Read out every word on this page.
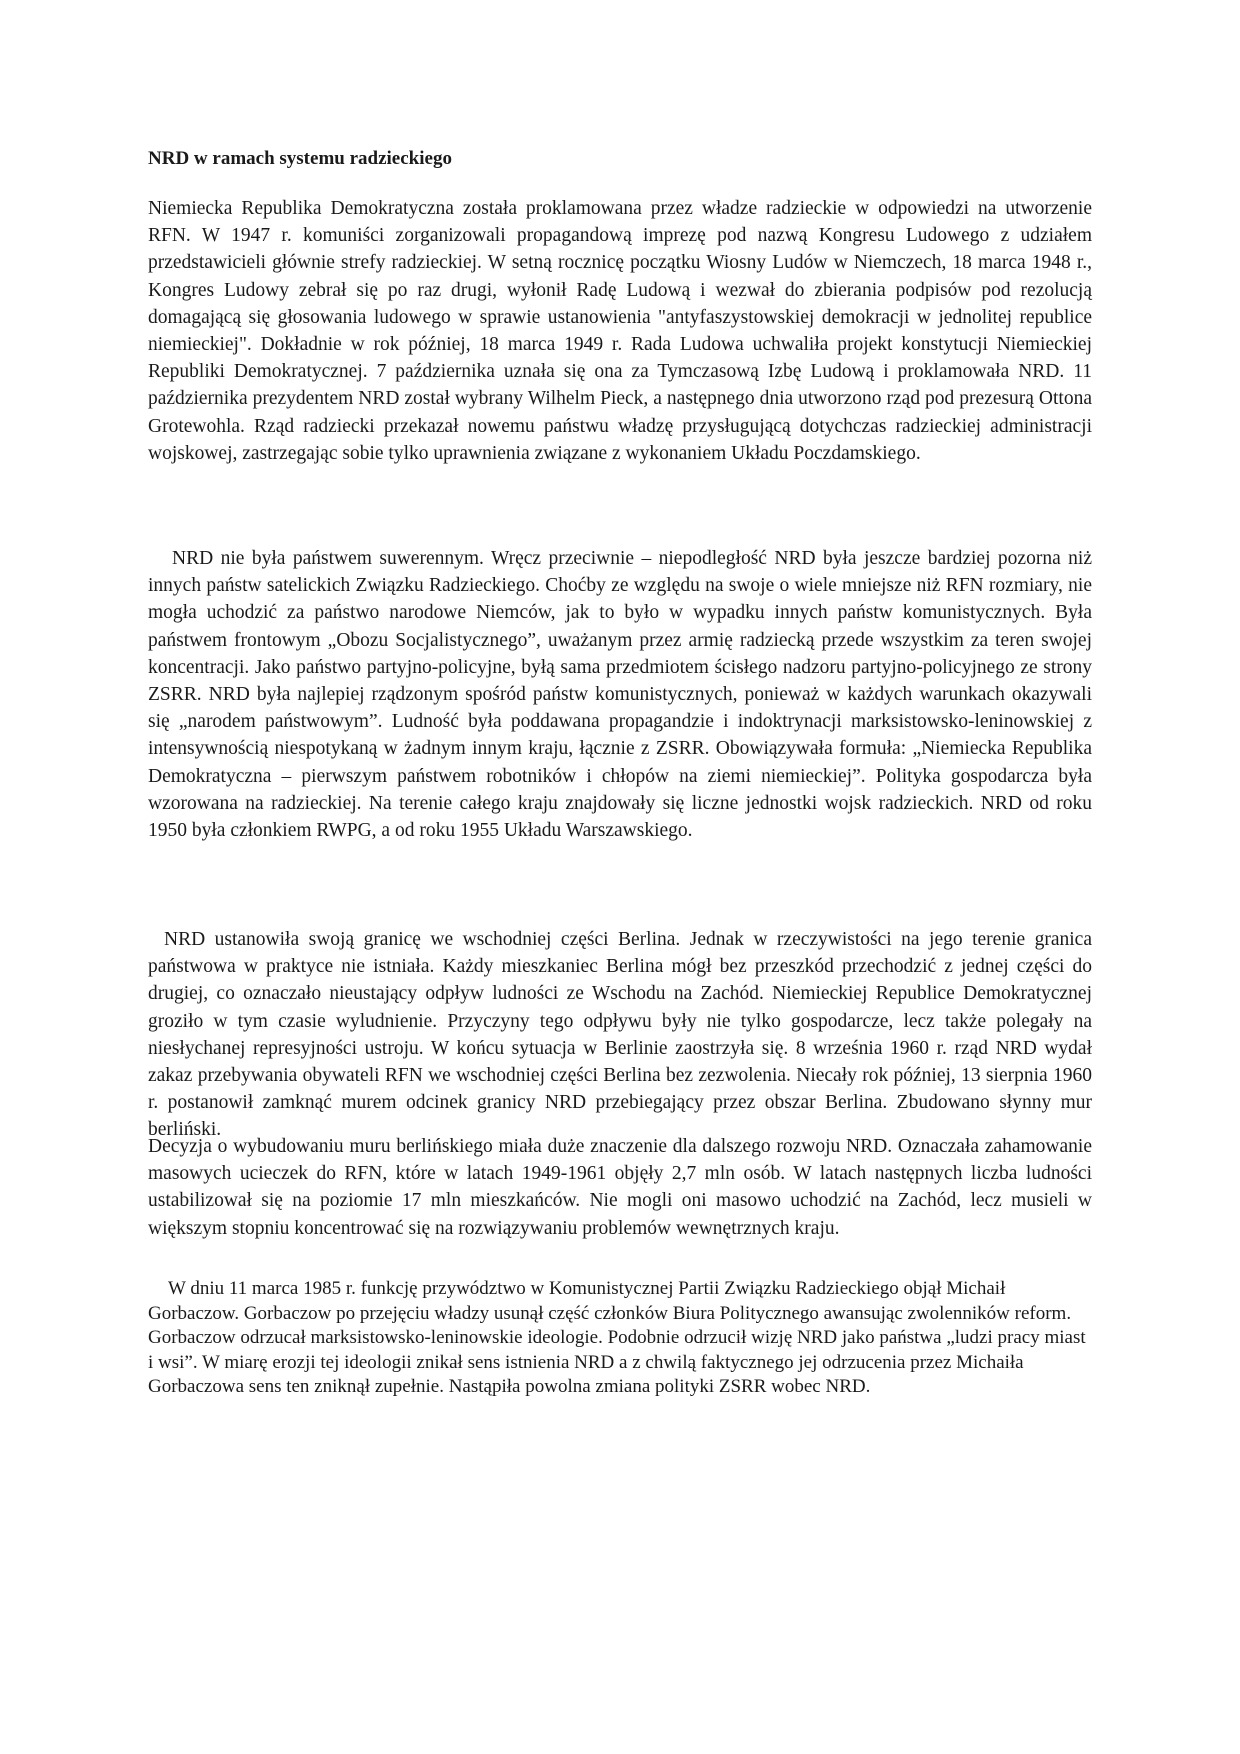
NRD w ramach systemu radzieckiego

Niemiecka Republika Demokratyczna została proklamowana przez władze radzieckie w odpowiedzi na utworzenie RFN. W 1947 r. komuniści zorganizowali propagandową imprezę pod nazwą Kongresu Ludowego z udziałem przedstawicieli głównie strefy radzieckiej. W setną rocznicę początku Wiosny Ludów w Niemczech, 18 marca 1948 r., Kongres Ludowy zebrał się po raz drugi, wyłonił Radę Ludową i wezwał do zbierania podpisów pod rezolucją domagającą się głosowania ludowego w sprawie ustanowienia "antyfaszystowskiej demokracji w jednolitej republice niemieckiej". Dokładnie w rok później, 18 marca 1949 r. Rada Ludowa uchwaliła projekt konstytucji Niemieckiej Republiki Demokratycznej. 7 października uznała się ona za Tymczasową Izbę Ludową i proklamowała NRD. 11 października prezydentem NRD został wybrany Wilhelm Pieck, a następnego dnia utworzono rząd pod prezesurą Ottona Grotewohla. Rząd radziecki przekazał nowemu państwu władzę przysługującą dotychczas radzieckiej administracji wojskowej, zastrzegając sobie tylko uprawnienia związane z wykonaniem Układu Poczdamskiego.

NRD nie była państwem suwerennym. Wręcz przeciwnie – niepodległość NRD była jeszcze bardziej pozorna niż innych państw satelickich Związku Radzieckiego. Choćby ze względu na swoje o wiele mniejsze niż RFN rozmiary, nie mogła uchodzić za państwo narodowe Niemców, jak to było w wypadku innych państw komunistycznych. Była państwem frontowym „Obozu Socjalistycznego”, uważanym przez armię radziecką przede wszystkim za teren swojej koncentracji. Jako państwo partyjno-policyjne, byłą sama przedmiotem ścisłego nadzoru partyjno-policyjnego ze strony ZSRR. NRD była najlepiej rządzonym spośród państw komunistycznych, ponieważ w każdych warunkach okazywali się „narodem państwowym”. Ludność była poddawana propagandzie i indoktrynacji marksistowsko-leninowskiej z intensywnością niespotykaną w żadnym innym kraju, łącznie z ZSRR. Obowiązywała formuła: „Niemiecka Republika Demokratyczna – pierwszym państwem robotników i chłopów na ziemi niemieckiej”. Polityka gospodarcza była wzorowana na radzieckiej. Na terenie całego kraju znajdowały się liczne jednostki wojsk radzieckich. NRD od roku 1950 była członkiem RWPG, a od roku 1955 Układu Warszawskiego.

NRD ustanowiła swoją granicę we wschodniej części Berlina. Jednak w rzeczywistości na jego terenie granica państwowa w praktyce nie istniała. Każdy mieszkaniec Berlina mógł bez przeszkód przechodzić z jednej części do drugiej, co oznaczało nieustający odpływ ludności ze Wschodu na Zachód. Niemieckiej Republice Demokratycznej groziło w tym czasie wyludnienie. Przyczyny tego odpływu były nie tylko gospodarcze, lecz także polegały na niesłychanej represyjności ustroju. W końcu sytuacja w Berlinie zaostrzyła się. 8 września 1960 r. rząd NRD wydał zakaz przebywania obywateli RFN we wschodniej części Berlina bez zezwolenia. Niecały rok później, 13 sierpnia 1960 r. postanowił zamknąć murem odcinek granicy NRD przebiegający przez obszar Berlina. Zbudowano słynny mur berliński.

Decyzja o wybudowaniu muru berlińskiego miała duże znaczenie dla dalszego rozwoju NRD. Oznaczała zahamowanie masowych ucieczek do RFN, które w latach 1949-1961 objęły 2,7 mln osób. W latach następnych liczba ludności ustabilizował się na poziomie 17 mln mieszkańców. Nie mogli oni masowo uchodzić na Zachód, lecz musieli w większym stopniu koncentrować się na rozwiązywaniu problemów wewnętrznych kraju.

W dniu 11 marca 1985 r. funkcję przywództwo w Komunistycznej Partii Związku Radzieckiego objął Michaił Gorbaczow. Gorbaczow po przejęciu władzy usunął część członków Biura Politycznego awansując zwolenników reform. Gorbaczow odrzucał marksistowsko-leninowskie ideologie. Podobnie odrzucił wizję NRD jako państwa „ludzi pracy miast i wsi”. W miarę erozji tej ideologii znikał sens istnienia NRD a z chwilą faktycznego jej odrzucenia przez Michaiła Gorbaczowa sens ten zniknął zupełnie. Nastąpiła powolna zmiana polityki ZSRR wobec NRD.
